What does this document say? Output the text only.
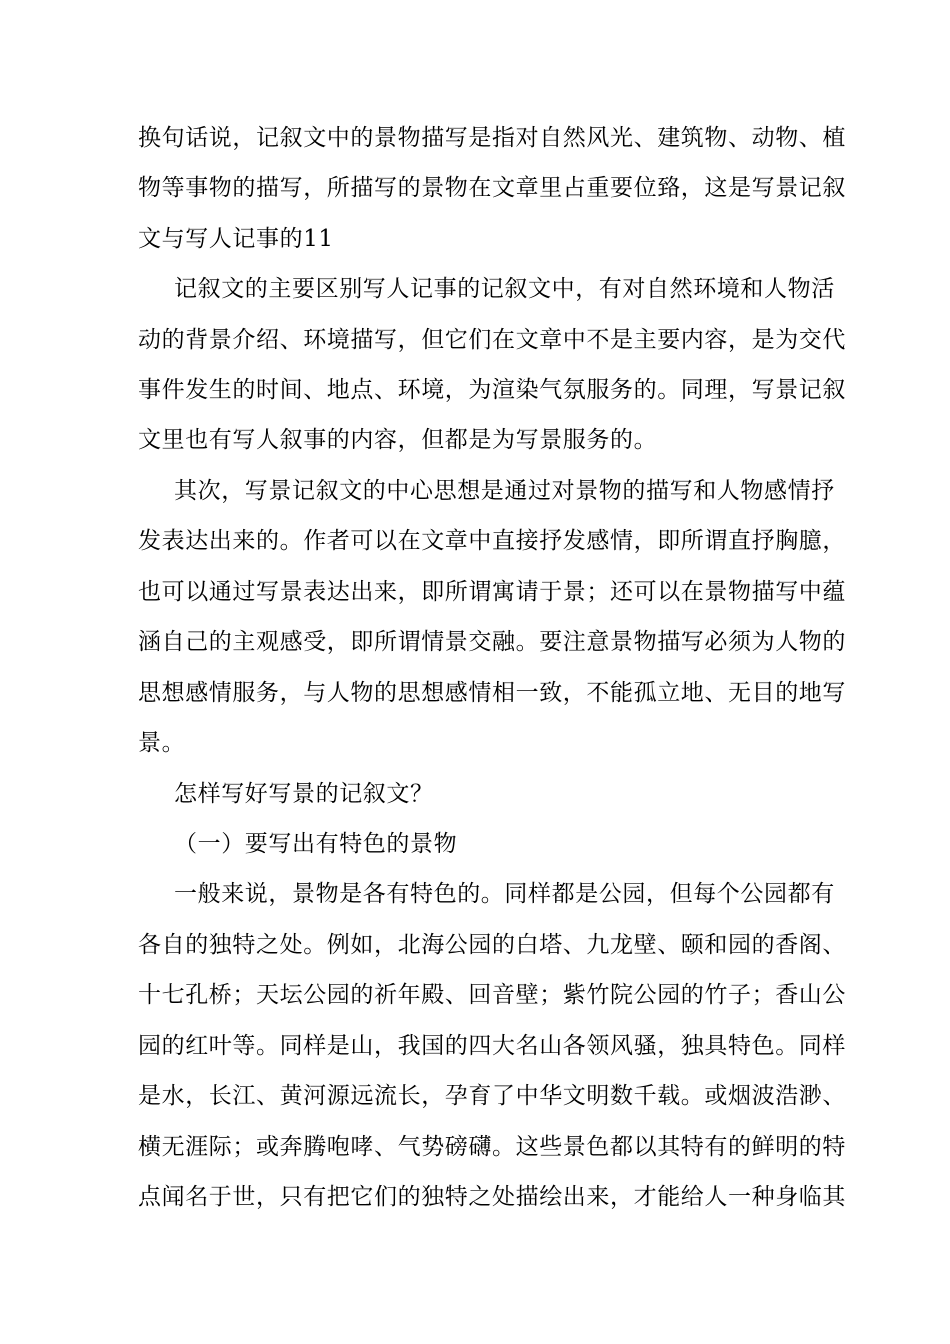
换句话说，记叙文中的景物描写是指对自然风光、建筑物、动物、植
物等事物的描写，所描写的景物在文章里占重要位臵，这是写景记叙
文与写人记事的11
记叙文的主要区别写人记事的记叙文中，有对自然环境和人物活
动的背景介绍、环境描写，但它们在文章中不是主要内容，是为交代
事件发生的时间、地点、环境，为渲染气氛服务的。同理，写景记叙
文里也有写人叙事的内容，但都是为写景服务的。
其次，写景记叙文的中心思想是通过对景物的描写和人物感情抒
发表达出来的。作者可以在文章中直接抒发感情，即所谓直抒胸臆，
也可以通过写景表达出来，即所谓寓请于景；还可以在景物描写中蕴
涵自己的主观感受，即所谓情景交融。要注意景物描写必须为人物的
思想感情服务，与人物的思想感情相一致，不能孤立地、无目的地写
景。
怎样写好写景的记叙文？
（一）要写出有特色的景物
一般来说，景物是各有特色的。同样都是公园，但每个公园都有
各自的独特之处。例如，北海公园的白塔、九龙壁、颐和园的香阁、
十七孔桥；天坛公园的祈年殿、回音壁；紫竹院公园的竹子；香山公
园的红叶等。同样是山，我国的四大名山各领风骚，独具特色。同样
是水，长江、黄河源远流长，孕育了中华文明数千载。或烟波浩渺、
横无涯际；或奔腾咆哮、气势磅礴。这些景色都以其特有的鲜明的特
点闻名于世，只有把它们的独特之处描绘出来，才能给人一种身临其
